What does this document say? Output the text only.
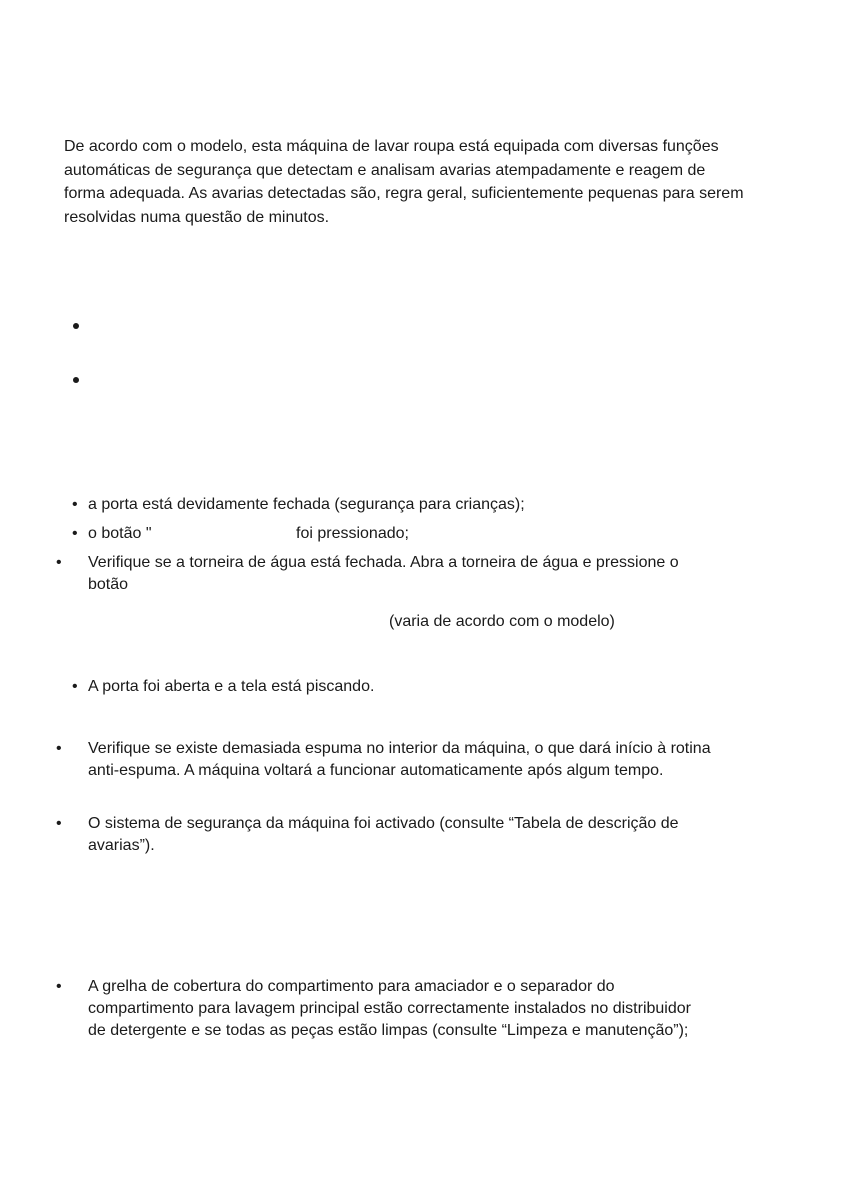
De acordo com o modelo, esta máquina de lavar roupa está equipada com diversas funções automáticas de segurança que detectam e analisam avarias atempadamente e reagem de forma adequada. As avarias detectadas são, regra geral, suficientemente pequenas para serem resolvidas numa questão de minutos.

• a porta está devidamente fechada (segurança para crianças);

• o botão "	foi pressionado;

• Verifique se a torneira de água está fechada. Abra a torneira de água e pressione o botão

(varia de acordo com o modelo)

• A porta foi aberta e a tela está piscando.

• Verifique se existe demasiada espuma no interior da máquina, o que dará início à rotina anti-espuma. A máquina voltará a funcionar automaticamente após algum tempo.

• O sistema de segurança da máquina foi activado (consulte “Tabela de descrição de avarias”).

• A grelha de cobertura do compartimento para amaciador e o separador do compartimento para lavagem principal estão correctamente instalados no distribuidor de detergente e se todas as peças estão limpas (consulte “Limpeza e manutenção”);
